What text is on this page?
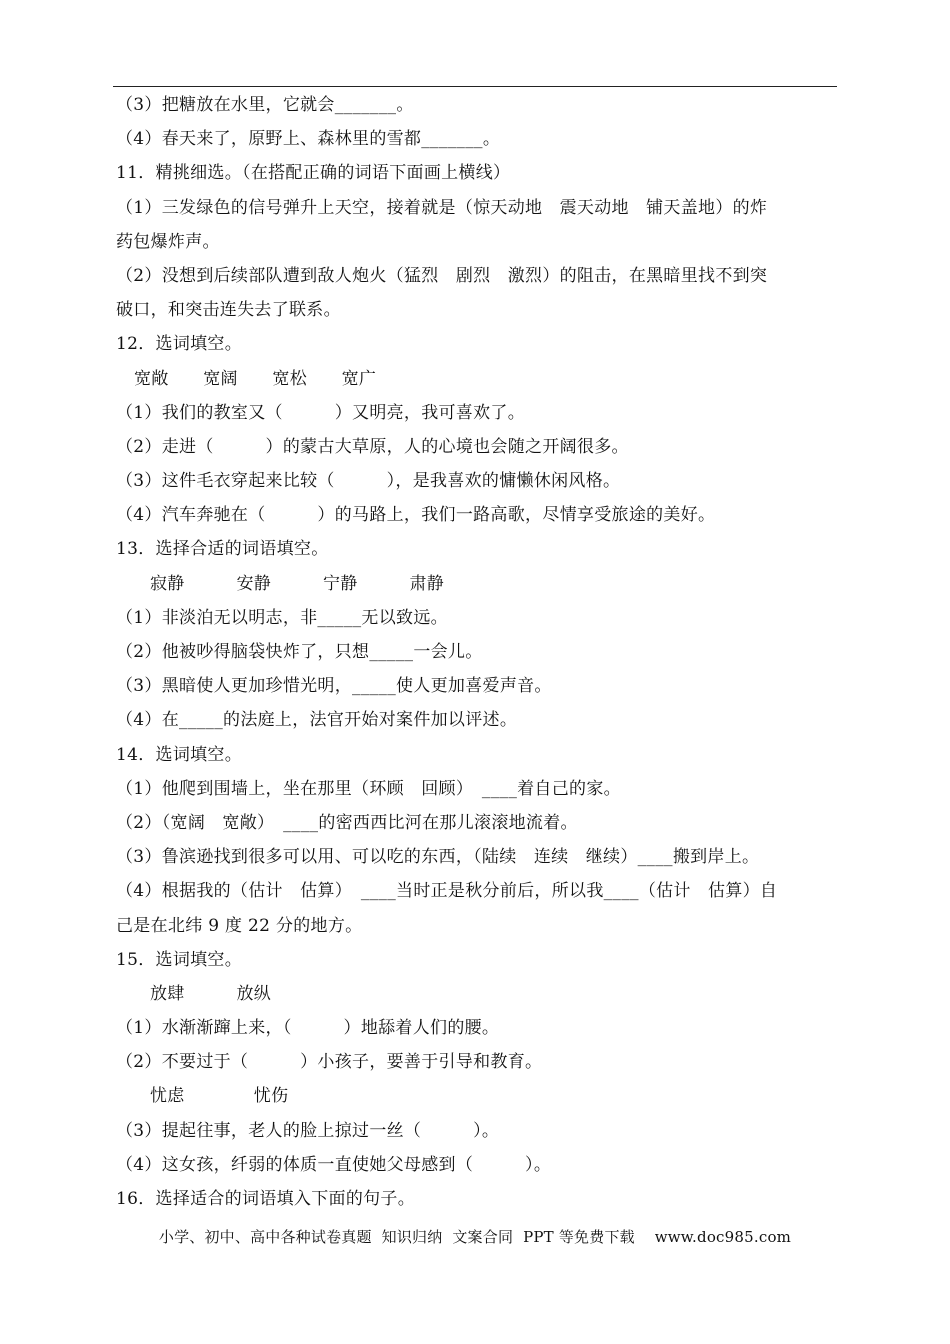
（3）把糖放在水里，它就会_______。
（4）春天来了，原野上、森林里的雪都_______。
11．精挑细选。（在搭配正确的词语下面画上横线）
（1）三发绿色的信号弹升上天空，接着就是（惊天动地　震天动地　铺天盖地）的炸
药包爆炸声。
（2）没想到后续部队遭到敌人炮火（猛烈　剧烈　激烈）的阻击，在黑暗里找不到突
破口，和突击连失去了联系。
12．选词填空。
宽敞　　宽阔　　宽松　　宽广
（1）我们的教室又（　　　）又明亮，我可喜欢了。
（2）走进（　　　）的蒙古大草原，人的心境也会随之开阔很多。
（3）这件毛衣穿起来比较（　　　），是我喜欢的慵懒休闲风格。
（4）汽车奔驰在（　　　）的马路上，我们一路高歌，尽情享受旅途的美好。
13．选择合适的词语填空。
寂静　　　安静　　　宁静　　　肃静
（1）非淡泊无以明志，非_____无以致远。
（2）他被吵得脑袋快炸了，只想_____一会儿。
（3）黑暗使人更加珍惜光明，_____使人更加喜爱声音。
（4）在_____的法庭上，法官开始对案件加以评述。
14．选词填空。
（1）他爬到围墙上，坐在那里（环顾　回顾）　____着自己的家。
（2）（宽阔　宽敞）　____的密西西比河在那儿滚滚地流着。
（3）鲁滨逊找到很多可以用、可以吃的东西，（陆续　连续　继续）____搬到岸上。
（4）根据我的（估计　估算）　____当时正是秋分前后，所以我____（估计　估算）自
己是在北纬 9 度 22 分的地方。
15．选词填空。
放肆　　　放纵
（1）水渐渐蹿上来，（　　　）地舔着人们的腰。
（2）不要过于（　　　）小孩子，要善于引导和教育。
忧虑　　　　忧伤
（3）提起往事，老人的脸上掠过一丝（　　　）。
（4）这女孩，纤弱的体质一直使她父母感到（　　　）。
16．选择适合的词语填入下面的句子。
小学、初中、高中各种试卷真题  知识归纳  文案合同  PPT 等免费下载    www.doc985.com
